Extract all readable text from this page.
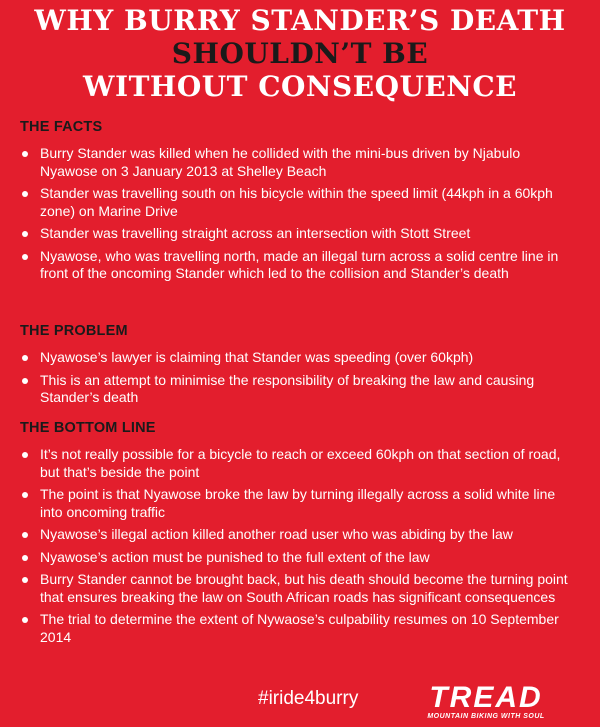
WHY BURRY STANDER’S DEATH
SHOULDN’T BE
WITHOUT CONSEQUENCE
THE FACTS
Burry Stander was killed when he collided with the mini-bus driven by Njabulo Nyawose on 3 January 2013 at Shelley Beach
Stander was travelling south on his bicycle within the speed limit (44kph in a 60kph zone) on Marine Drive
Stander was travelling straight across an intersection with Stott Street
Nyawose, who was travelling north, made an illegal turn across a solid centre line in front of the oncoming Stander which led to the collision and Stander’s death
THE PROBLEM
Nyawose’s lawyer is claiming that Stander was speeding (over 60kph)
This is an attempt to minimise the responsibility of breaking the law and causing Stander’s death
THE BOTTOM LINE
It’s not really possible for a bicycle to reach or exceed 60kph on that section of road, but that’s beside the point
The point is that Nyawose broke the law by turning illegally across a solid white line into oncoming traffic
Nyawose’s illegal action killed another road user who was abiding by the law
Nyawose’s action must be punished to the full extent of the law
Burry Stander cannot be brought back, but his death should become the turning point that ensures breaking the law on South African roads has significant consequences
The trial to determine the extent of Nywaose’s culpability resumes on 10 September 2014
#iride4burry TREAD
MOUNTAIN BIKING WITH SOUL
